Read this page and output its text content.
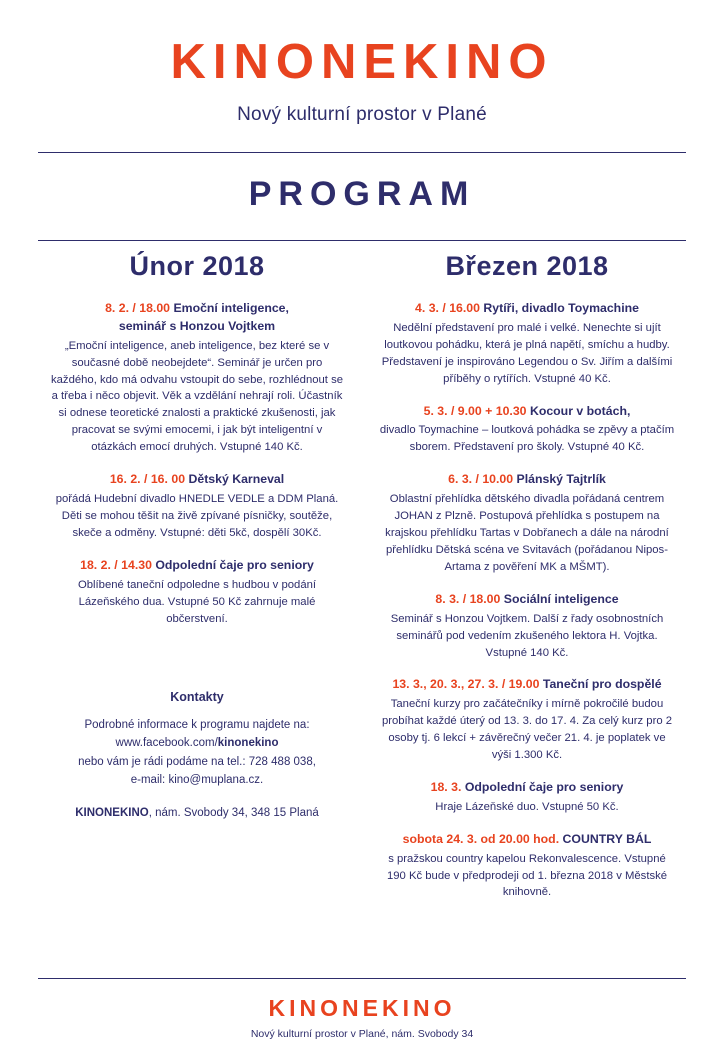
KINONEKINO
Nový kulturní prostor v Plané
PROGRAM
Únor 2018
8. 2. / 18.00 Emoční inteligence,
seminář s Honzou Vojtkem
„Emoční inteligence, aneb inteligence, bez které se v současné době neobejdete“. Seminář je určen pro každého, kdo má odvahu vstoupit do sebe, rozhlédnout se a třeba i něco objevit. Věk a vzdělání nehrají roli. Účastník si odnese teoretické znalosti a praktické zkušenosti, jak pracovat se svými emocemi, i jak být inteligentní v otázkách emocí druhých. Vstupné 140 Kč.
16. 2. / 16. 00 Dětský Karneval
pořádá Hudební divadlo HNEDLE VEDLE a DDM Planá. Děti se mohou těšit na živě zpívané písničky, soutěže, skeče a odměny. Vstupné: děti 5kč, dospělí 30Kč.
18. 2. / 14.30 Odpolední čaje pro seniory
Oblíbené taneční odpoledne s hudbou v podání Lázeňského dua. Vstupné 50 Kč zahrnuje malé občerstvení.
Kontakty
Podrobné informace k programu najdete na:
www.facebook.com/kinonekino
nebo vám je rádi podáme na tel.: 728 488 038,
e-mail: kino@muplana.cz.
KINONEKINO, nám. Svobody 34, 348 15 Planá
Březen 2018
4. 3. / 16.00 Rytíři, divadlo Toymachine
Nedělní představení pro malé i velké. Nenechte si ujít loutkovou pohádku, která je plná napětí, smíchu a hudby. Představení je inspirováno Legendou o Sv. Jiřím a dalšími příběhy o rytířích. Vstupné 40 Kč.
5. 3. / 9.00 + 10.30 Kocour v botách,
divadlo Toymachine – loutková pohádka se zpěvy a ptačím sborem. Představení pro školy. Vstupné 40 Kč.
6. 3. / 10.00 Plánský Tajtrlík
Oblastní přehlídka dětského divadla pořádaná centrem JOHAN z Plzně. Postupová přehlídka s postupem na krajskou přehlídku Tartas v Dobřanech a dále na národní přehlídku Dětská scéna ve Svitavách (pořádanou Nipos-Artama z pověření MK a MŠMT).
8. 3. / 18.00 Sociální inteligence
Seminář s Honzou Vojtkem. Další z řady osobnostních seminářů pod vedením zkušeného lektora H. Vojtka. Vstupné 140 Kč.
13. 3., 20. 3., 27. 3. / 19.00 Taneční pro dospělé
Taneční kurzy pro začátečníky i mírně pokročilé budou probíhat každé úterý od 13. 3. do 17. 4. Za celý kurz pro 2 osoby tj. 6 lekcí + závěrečný večer 21. 4. je poplatek ve výši 1.300 Kč.
18. 3. Odpolední čaje pro seniory
Hraje Lázeňské duo. Vstupné 50 Kč.
sobota 24. 3. od 20.00 hod. COUNTRY BÁL
s pražskou country kapelou Rekonvalescence. Vstupné 190 Kč bude v předprodeji od 1. března 2018 v Městské knihovně.
KINONEKINO
Nový kulturní prostor v Plané, nám. Svobody 34
